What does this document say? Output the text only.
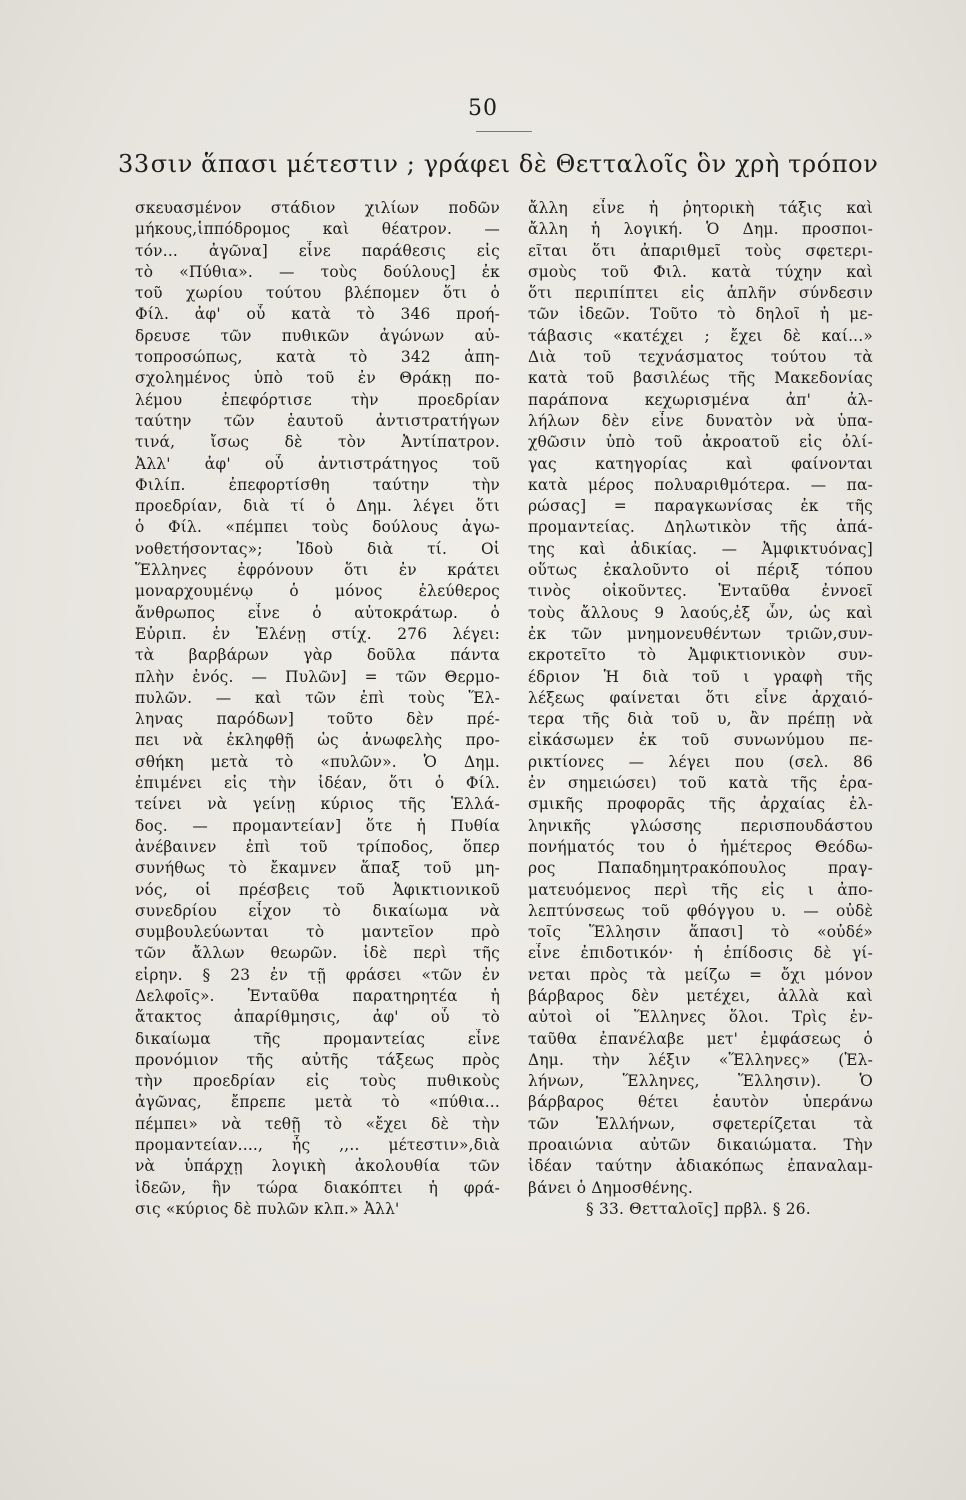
50
33σιν ἅπασι μέτεστιν ; γράφει δὲ Θετταλοῖς ὃν χρὴ τρόπον

σκευασμένον στάδιον χιλίων ποδῶν

μήκους,ἱππόδρομος καὶ θέατρον. —

τόν... ἀγῶνα] εἶνε παράθεσις εἰς

τὸ «Πύθια». — τοὺς δούλους] ἐκ

τοῦ χωρίου τούτου βλέπομεν ὅτι ὁ

Φίλ. ἀφ' οὗ κατὰ τὸ 346 προή-

δρευσε τῶν πυθικῶν ἀγώνων αὐ-

τοπροσώπως, κατὰ τὸ 342 ἀπη-

σχολημένος ὑπὸ τοῦ ἐν Θράκῃ πο-

λέμου ἐπεφόρτισε τὴν προεδρίαν

ταύτην τῶν ἑαυτοῦ ἀντιστρατήγων

τινά, ἴσως δὲ τὸν Ἀντίπατρον.

Ἀλλ' ἀφ' οὗ ἀντιστράτηγος τοῦ

Φιλίπ. ἐπεφορτίσθη ταύτην τὴν

προεδρίαν, διὰ τί ὁ Δημ. λέγει ὅτι

ὁ Φίλ. «πέμπει τοὺς δούλους ἀγω-

νοθετήσοντας»; Ἰδοὺ διὰ τί. Οἱ

Ἕλληνες ἐφρόνουν ὅτι ἐν κράτει

μοναρχουμένῳ ὁ μόνος ἐλεύθερος

ἄνθρωπος εἶνε ὁ αὐτοκράτωρ. ὁ

Εὐριπ. ἐν Ἑλένῃ στίχ. 276 λέγει:

τὰ βαρβάρων γὰρ δοῦλα πάντα

πλὴν ἑνός. — Πυλῶν] = τῶν Θερμο-

πυλῶν. — καὶ τῶν ἐπὶ τοὺς Ἕλ-

ληνας παρόδων] τοῦτο δὲν πρέ-

πει νὰ ἐκληφθῇ ὡς ἀνωφελὴς προ-

σθήκη μετὰ τὸ «πυλῶν». Ὁ Δημ.

ἐπιμένει εἰς τὴν ἰδέαν, ὅτι ὁ Φίλ.

τείνει νὰ γείνῃ κύριος τῆς Ἑλλά-

δος. — προμαντείαν] ὅτε ἡ Πυθία

ἀνέβαινεν ἐπὶ τοῦ τρίποδος, ὅπερ

συνήθως τὸ ἔκαμνεν ἅπαξ τοῦ μη-

νός, οἱ πρέσβεις τοῦ Ἀφικτιονικοῦ

συνεδρίου εἶχον τὸ δικαίωμα νὰ

συμβουλεύωνται τὸ μαντεῖον πρὸ

τῶν ἄλλων θεωρῶν. ἰδὲ περὶ τῆς

εἰρην. § 23 ἐν τῇ φράσει «τῶν ἐν

Δελφοῖς». Ἐνταῦθα παρατηρητέα ἡ

ἄτακτος ἀπαρίθμησις, ἀφ' οὗ τὸ

δικαίωμα τῆς προμαντείας εἶνε

προνόμιον τῆς αὐτῆς τάξεως πρὸς

τὴν προεδρίαν εἰς τοὺς πυθικοὺς

ἀγῶνας, ἔπρεπε μετὰ τὸ «πύθια...

πέμπει» νὰ τεθῇ τὸ «ἔχει δὲ τὴν

προμαντείαν...., ἧς ,,.. μέτεστιν»,διὰ

νὰ ὑπάρχῃ λογικὴ ἀκολουθία τῶν

ἰδεῶν, ἣν τώρα διακόπτει ἡ φρά-

σις «κύριος δὲ πυλῶν κλπ.» Ἀλλ'

ἄλλη εἶνε ἡ ῥητορικὴ τάξις καὶ

ἄλλη ἡ λογική. Ὁ Δημ. προσποι-

εῖται ὅτι ἀπαριθμεῖ τοὺς σφετερι-

σμοὺς τοῦ Φιλ. κατὰ τύχην καὶ

ὅτι περιπίπτει εἰς ἁπλῆν σύνδεσιν

τῶν ἰδεῶν. Τοῦτο τὸ δηλοῖ ἡ με-

τάβασις «κατέχει ; ἔχει δὲ καί...»

Διὰ τοῦ τεχνάσματος τούτου τὰ

κατὰ τοῦ βασιλέως τῆς Μακεδονίας

παράπονα κεχωρισμένα ἀπ' ἀλ-

λήλων δὲν εἶνε δυνατὸν νὰ ὑπα-

χθῶσιν ὑπὸ τοῦ ἀκροατοῦ εἰς ὀλί-

γας κατηγορίας καὶ φαίνονται

κατὰ μέρος πολυαριθμότερα. — πα-

ρώσας] = παραγκωνίσας ἐκ τῆς

προμαντείας. Δηλωτικὸν τῆς ἀπά-

της καὶ ἀδικίας. — Ἀμφικτυόνας]

οὕτως ἐκαλοῦντο οἱ πέριξ τόπου

τινὸς οἰκοῦντες. Ἐνταῦθα ἐννοεῖ

τοὺς ἄλλους 9 λαούς,ἐξ ὧν, ὡς καὶ

ἐκ τῶν μνημονευθέντων τριῶν,συν-

εκροτεῖτο τὸ Ἀμφικτιονικὸν συν-

έδριον Ἡ διὰ τοῦ ι γραφὴ τῆς

λέξεως φαίνεται ὅτι εἶνε ἀρχαιό-

τερα τῆς διὰ τοῦ υ, ἂν πρέπῃ νὰ

εἰκάσωμεν ἐκ τοῦ συνωνύμου πε-

ρικτίονες — λέγει που (σελ. 86

ἐν σημειώσει) τοῦ κατὰ τῆς ἐρα-

σμικῆς προφορᾶς τῆς ἀρχαίας ἑλ-

ληνικῆς γλώσσης περισπουδάστου

πονήματός του ὁ ἡμέτερος Θεόδω-

ρος Παπαδημητρακόπουλος πραγ-

ματευόμενος περὶ τῆς εἰς ι ἀπο-

λεπτύνσεως τοῦ φθόγγου υ. — οὐδὲ

τοῖς Ἕλλησιν ἅπασι] τὸ «οὐδέ»

εἶνε ἐπιδοτικόν· ἡ ἐπίδοσις δὲ γί-

νεται πρὸς τὰ μείζω = ὄχι μόνον

βάρβαρος δὲν μετέχει, ἀλλὰ καὶ

αὐτοὶ οἱ Ἕλληνες ὅλοι. Τρὶς ἐν-

ταῦθα ἐπανέλαβε μετ' ἐμφάσεως ὁ

Δημ. τὴν λέξιν «Ἕλληνες» (Ἑλ-

λήνων, Ἕλληνες, Ἕλλησιν). Ὁ

βάρβαρος θέτει ἑαυτὸν ὑπεράνω

τῶν Ἑλλήνων, σφετερίζεται τὰ

προαιώνια αὐτῶν δικαιώματα. Τὴν

ἰδέαν ταύτην ἀδιακόπως ἐπαναλαμ-

βάνει ὁ Δημοσθένης.

§ 33. Θετταλοῖς] πρβλ. § 26.
